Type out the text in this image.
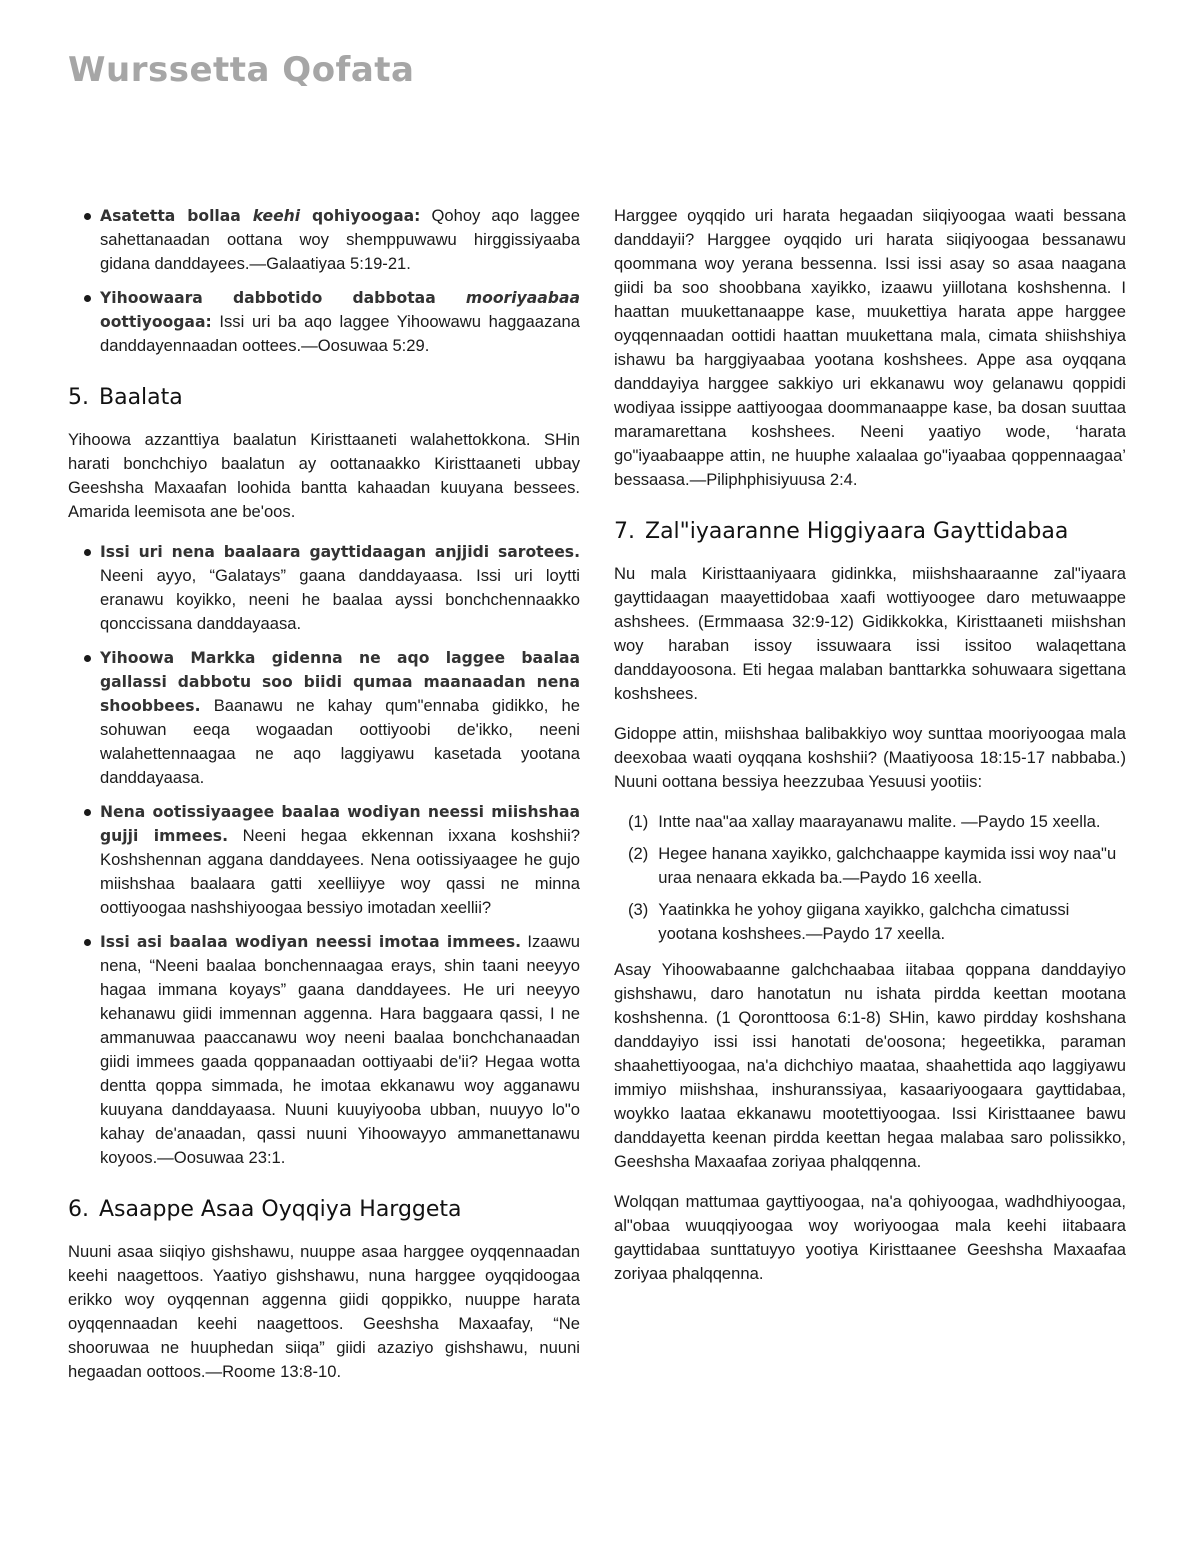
Wurssetta Qofata
Asatetta bollaa keehi qohiyoogaa: Qohoy aqo laggee sahettanaadan oottana woy shemppuwawu hirggissiyaaba gidana danddayees.—Galaatiyaa 5:19-21.
Yihoowaara dabbotido dabbotaa mooriyaabaa oottiyoogaa: Issi uri ba aqo laggee Yihoowawu haggaazana danddayennaadan oottees.—Oosuwaa 5:29.
5. Baalata

Yihoowa azzanttiya baalatun Kiristtaaneti walahettokkona. SHin harati bonchchiyo baalatun ay oottanaakko Kiristtaaneti ubbay Geeshsha Maxaafan loohida bantta kahaadan kuuyana bessees. Amarida leemisota ane be'oos.

Issi uri nena baalaara gayttidaagan anjjidi sarotees. Neeni ayyo, “Galatays” gaana danddayaasa. Issi uri loytti eranawu koyikko, neeni he baalaa ayssi bonchchennaakko qonccissana danddayaasa.
Yihoowa Markka gidenna ne aqo laggee baalaa gallassi dabbotu soo biidi qumaa maanaadan nena shoobbees. Baanawu ne kahay qum"ennaba gidikko, he sohuwan eeqa wogaadan oottiyoobi de'ikko, neeni walahettennaagaa ne aqo laggiyawu kasetada yootana danddayaasa.
Nena ootissiyaagee baalaa wodiyan neessi miishshaa gujji immees. Neeni hegaa ekkennan ixxana koshshii? Koshshennan aggana danddayees. Nena ootissiyaagee he gujo miishshaa baalaara gatti xeelliiyye woy qassi ne minna oottiyoogaa nashshiyoogaa bessiyo imotadan xeellii?
Issi asi baalaa wodiyan neessi imotaa immees. Izaawu nena, “Neeni baalaa bonchennaagaa erays, shin taani neeyyo hagaa immana koyays” gaana danddayees. He uri neeyyo kehanawu giidi immennan aggenna. Hara baggaara qassi, I ne ammanuwaa paaccanawu woy neeni baalaa bonchchanaadan giidi immees gaada qoppanaadan oottiyaabi de'ii? Hegaa wotta dentta qoppa simmada, he imotaa ekkanawu woy agganawu kuuyana danddayaasa. Nuuni kuuyiyooba ubban, nuuyyo lo"o kahay de'anaadan, qassi nuuni Yihoowayyo ammanettanawu koyoos.—Oosuwaa 23:1.
6. Asaappe Asaa Oyqqiya Harggeta

Nuuni asaa siiqiyo gishshawu, nuuppe asaa harggee oyqqennaadan keehi naagettoos. Yaatiyo gishshawu, nuna harggee oyqqidoogaa erikko woy oyqqennan aggenna giidi qoppikko, nuuppe harata oyqqennaadan keehi naagettoos. Geeshsha Maxaafay, “Ne shooruwaa ne huuphedan siiqa” giidi azaziyo gishshawu, nuuni hegaadan oottoos.—Roome 13:8-10.

Harggee oyqqido uri harata hegaadan siiqiyoogaa waati bessana danddayii? Harggee oyqqido uri harata siiqiyoogaa bessanawu qoommana woy yerana bessenna. Issi issi asay so asaa naagana giidi ba soo shoobbana xayikko, izaawu yiillotana koshshenna. I haattan muukettanaappe kase, muukettiya harata appe harggee oyqqennaadan oottidi haattan muukettana mala, cimata shiishshiya ishawu ba harggiyaabaa yootana koshshees. Appe asa oyqqana danddayiya harggee sakkiyo uri ekkanawu woy gelanawu qoppidi wodiyaa issippe aattiyoogaa doommanaappe kase, ba dosan suuttaa maramarettana koshshees. Neeni yaatiyo wode, ‘harata go"iyaabaappe attin, ne huuphe xalaalaa go"iyaabaa qoppennaagaa’ bessaasa.—Piliphphisiyuusa 2:4.

7. Zal"iyaaranne Higgiyaara Gayttidabaa

Nu mala Kiristtaaniyaara gidinkka, miishshaaraanne zal"iyaara gayttidaagan maayettidobaa xaafi wottiyoogee daro metuwaappe ashshees. (Ermmaasa 32:9-12) Gidikkokka, Kiristtaaneti miishshan woy haraban issoy issuwaara issi issitoo walaqettana danddayoosona. Eti hegaa malaban banttarkka sohuwaara sigettana koshshees.

Gidoppe attin, miishshaa balibakkiyo woy sunttaa mooriyoogaa mala deexobaa waati oyqqana koshshii? (Maatiyoosa 18:15-17 nabbaba.) Nuuni oottana bessiya heezzubaa Yesuusi yootiis:

(1) Intte naa"aa xallay maarayanawu malite. —Paydo 15 xeella.
(2) Hegee hanana xayikko, galchchaappe kaymida issi woy naa"u uraa nenaara ekkada ba.—Paydo 16 xeella.
(3) Yaatinkka he yohoy giigana xayikko, galchcha cimatussi yootana koshshees.—Paydo 17 xeella.

Asay Yihoowabaanne galchchaabaa iitabaa qoppana danddayiyo gishshawu, daro hanotatun nu ishata pirdda keettan mootana koshshenna. (1 Qoronttoosa 6:1-8) SHin, kawo pirdday koshshana danddayiyo issi issi hanotati de'oosona; hegeetikka, paraman shaahettiyoogaa, na'a dichchiyo maataa, shaahettida aqo laggiyawu immiyo miishshaa, inshuranssiyaa, kasaariyoogaara gayttidabaa, woykko laataa ekkanawu mootettiyoogaa. Issi Kiristtaanee bawu danddayetta keenan pirdda keettan hegaa malabaa saro polissikko, Geeshsha Maxaafaa zoriyaa phalqqenna.

Wolqqan mattumaa gayttiyoogaa, na'a qohiyoogaa, wadhdhiyoogaa, al"obaa wuuqqiyoogaa woy woriyoogaa mala keehi iitabaara gayttidabaa sunttatuyyo yootiya Kiristtaanee Geeshsha Maxaafaa zoriyaa phalqqenna.
